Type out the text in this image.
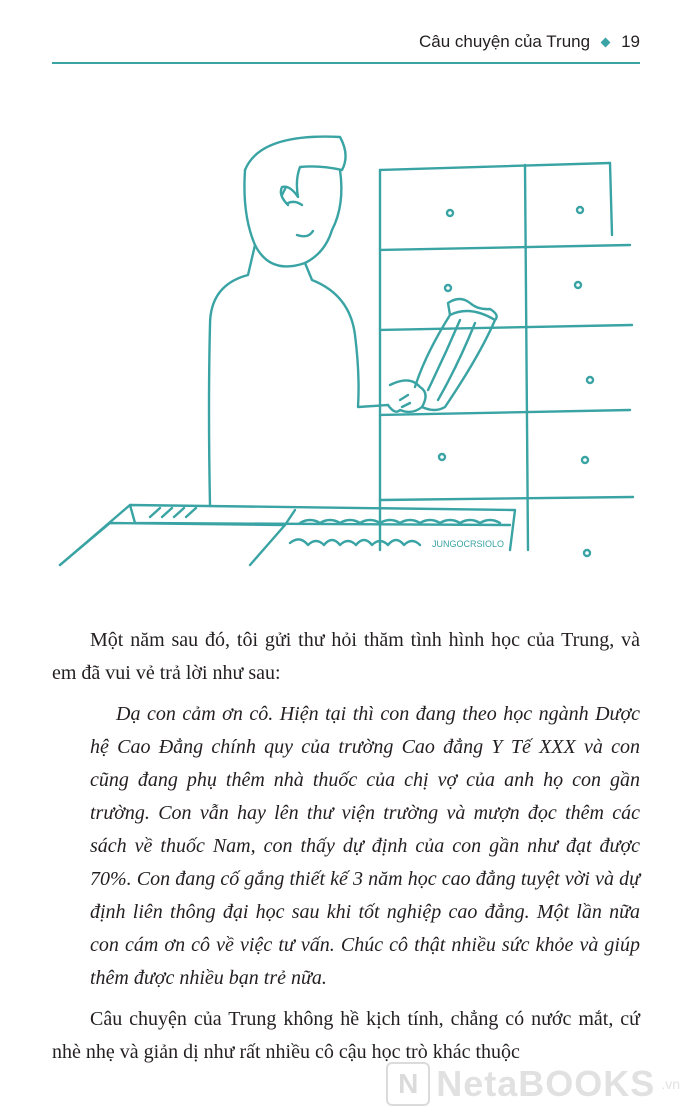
Câu chuyện của Trung 19
JUNGOCRSIOLO

Một năm sau đó, tôi gửi thư hỏi thăm tình hình học của Trung, và em đã vui vẻ trả lời như sau:

Dạ con cảm ơn cô. Hiện tại thì con đang theo học ngành Dược hệ Cao Đẳng chính quy của trường Cao đẳng Y Tế XXX và con cũng đang phụ thêm nhà thuốc của chị vợ của anh họ con gần trường. Con vẫn hay lên thư viện trường và mượn đọc thêm các sách về thuốc Nam, con thấy dự định của con gần như đạt được 70%. Con đang cố gắng thiết kế 3 năm học cao đẳng tuyệt vời và dự định liên thông đại học sau khi tốt nghiệp cao đẳng. Một lần nữa con cám ơn cô về việc tư vấn. Chúc cô thật nhiều sức khỏe và giúp thêm được nhiều bạn trẻ nữa.

Câu chuyện của Trung không hề kịch tính, chẳng có nước mắt, cứ nhè nhẹ và giản dị như rất nhiều cô cậu học trò khác thuộc

N NetaBOOKS .vn
